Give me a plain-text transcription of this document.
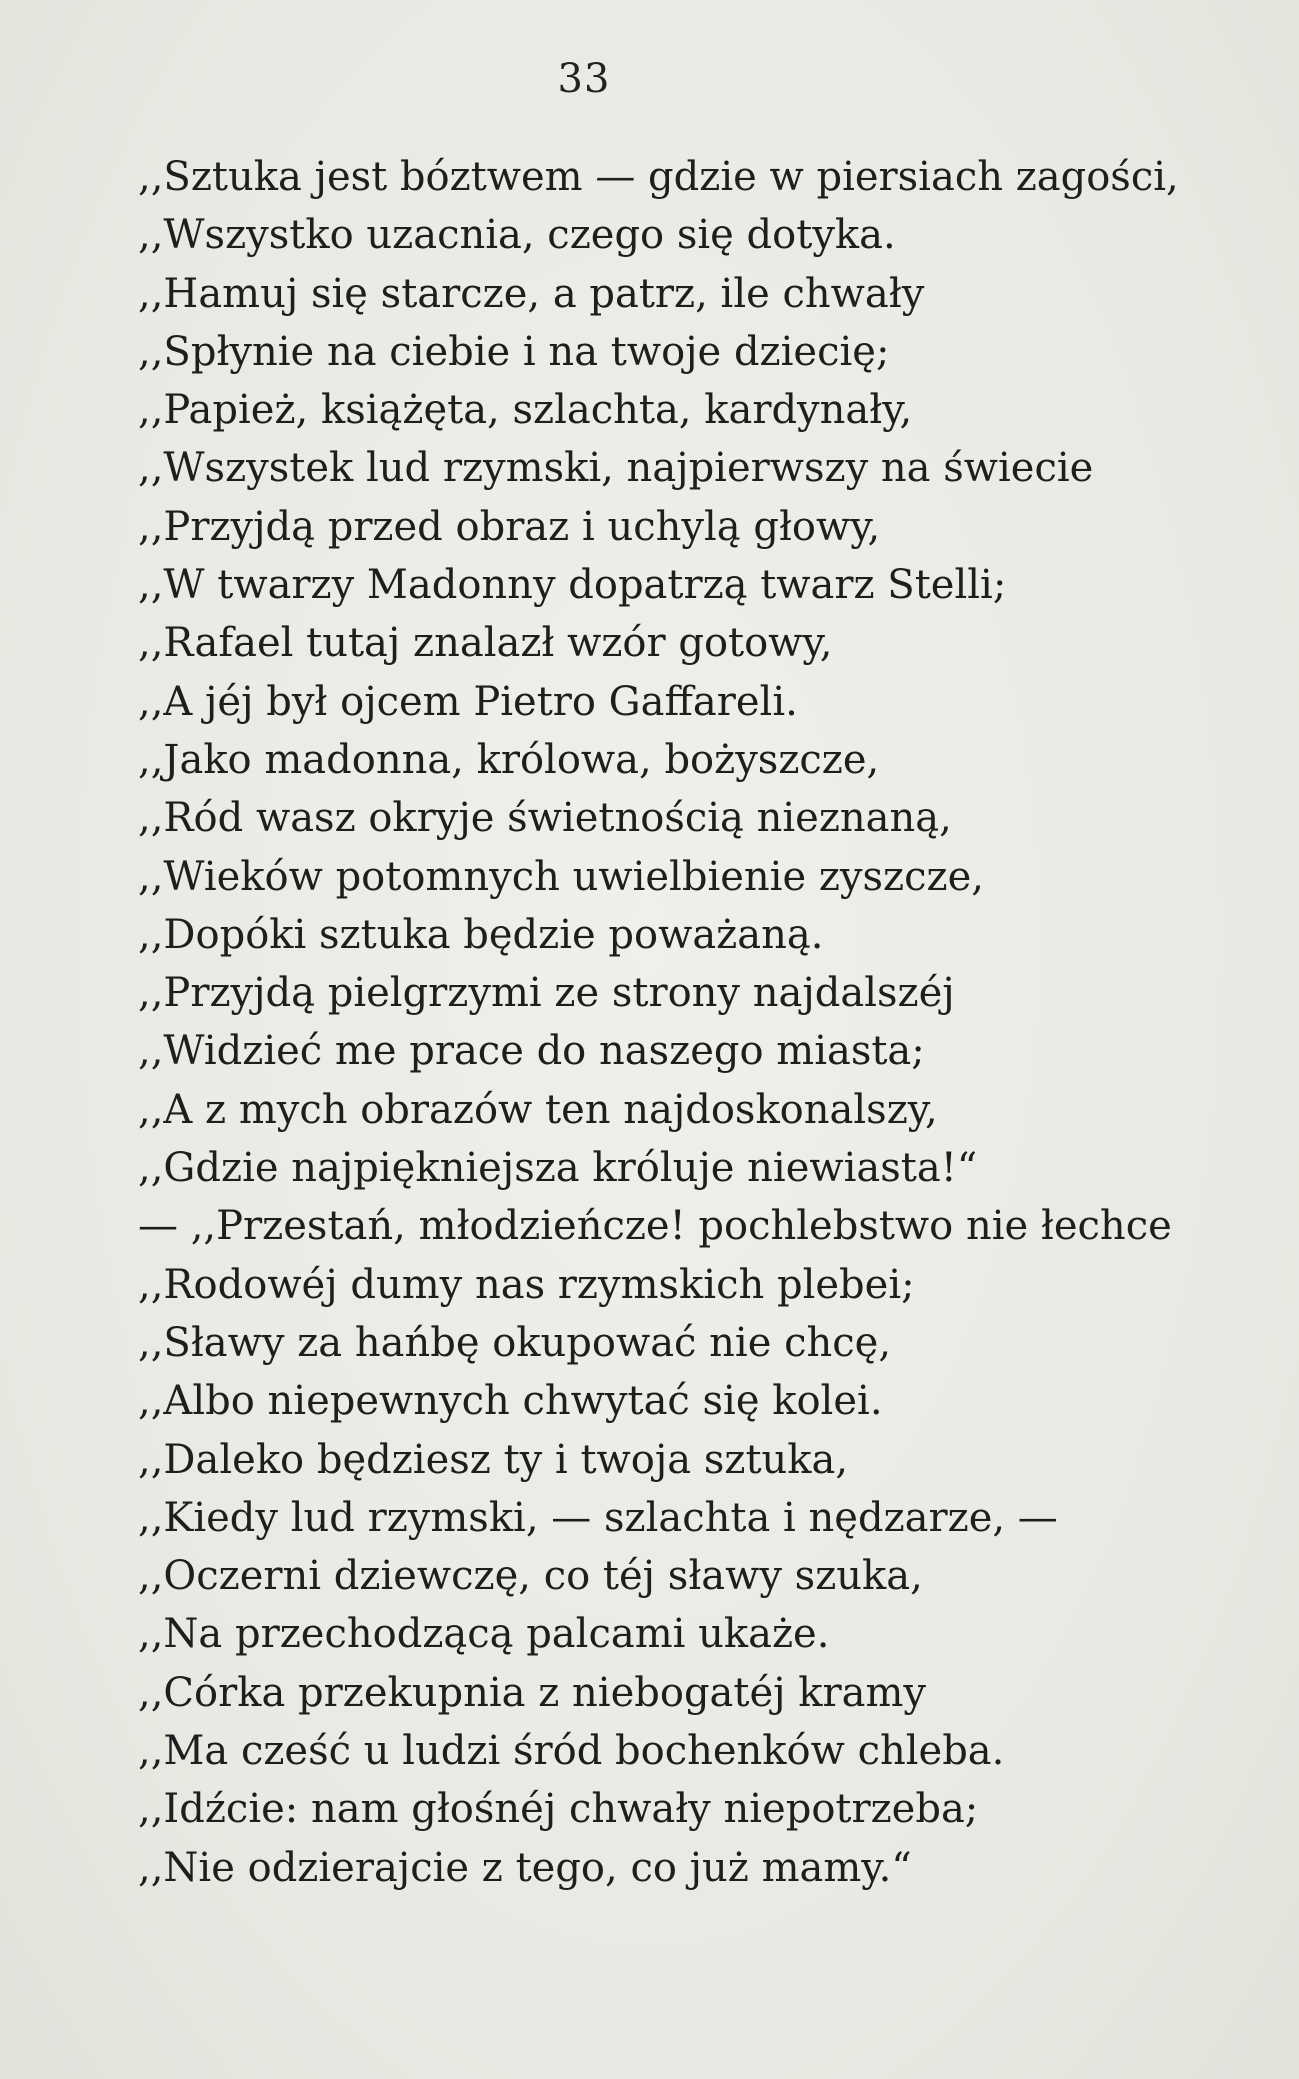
33
,,Sztuka jest bóztwem — gdzie w piersiach zagości,
,,Wszystko uzacnia, czego się dotyka.
,,Hamuj się starcze, a patrz, ile chwały
,,Spłynie na ciebie i na twoje dziecię;
,,Papież, książęta, szlachta, kardynały,
,,Wszystek lud rzymski, najpierwszy na świecie
,,Przyjdą przed obraz i uchylą głowy,
,,W twarzy Madonny dopatrzą twarz Stelli;
,,Rafael tutaj znalazł wzór gotowy,
,,A jéj był ojcem Pietro Gaffareli.
,,Jako madonna, królowa, bożyszcze,
,,Ród wasz okryje świetnością nieznaną,
,,Wieków potomnych uwielbienie zyszcze,
,,Dopóki sztuka będzie poważaną.
,,Przyjdą pielgrzymi ze strony najdalszéj
,,Widzieć me prace do naszego miasta;
,,A z mych obrazów ten najdoskonalszy,
,,Gdzie najpiękniejsza króluje niewiasta!“
— ,,Przestań, młodzieńcze! pochlebstwo nie łechce
,,Rodowéj dumy nas rzymskich plebei;
,,Sławy za hańbę okupować nie chcę,
,,Albo niepewnych chwytać się kolei.
,,Daleko będziesz ty i twoja sztuka,
,,Kiedy lud rzymski, — szlachta i nędzarze, —
,,Oczerni dziewczę, co téj sławy szuka,
,,Na przechodzącą palcami ukaże.
,,Córka przekupnia z niebogatéj kramy
,,Ma cześć u ludzi śród bochenków chleba.
,,Idźcie: nam głośnéj chwały niepotrzeba;
,,Nie odzierajcie z tego, co już mamy.“
